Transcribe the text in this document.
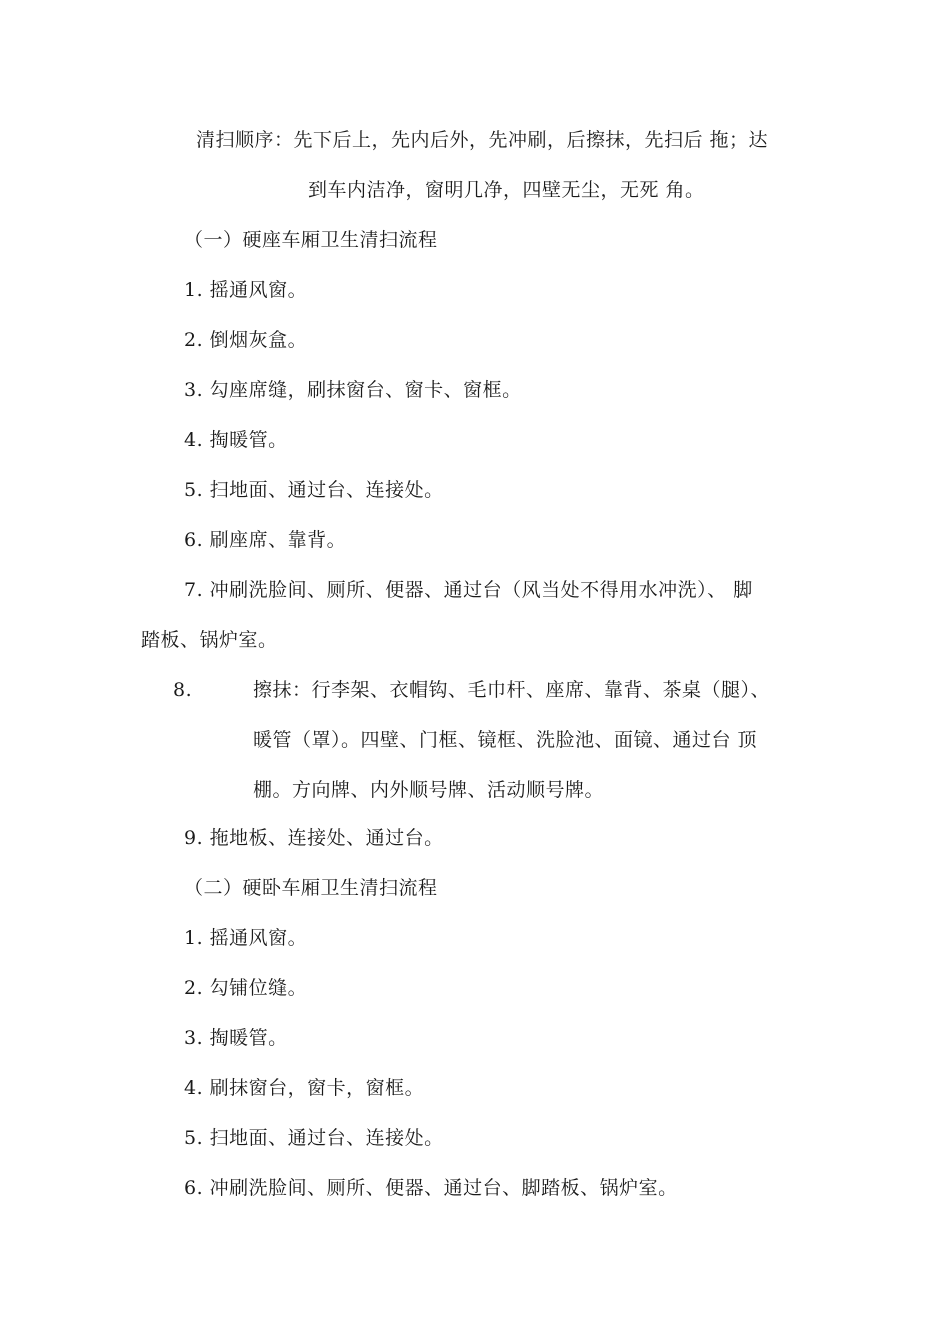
清扫顺序：先下后上，先内后外，先冲刷，后擦抹，先扫后 拖；达
到车内洁净，窗明几净，四壁无尘，无死 角。
（一）硬座车厢卫生清扫流程
1. 摇通风窗。
2. 倒烟灰盒。
3. 勾座席缝，刷抹窗台、窗卡、窗框。
4. 掏暖管。
5. 扫地面、通过台、连接处。
6. 刷座席、靠背。
7. 冲刷洗脸间、厕所、便器、通过台（风当处不得用水冲洗）、 脚
踏板、锅炉室。
8.	擦抹：行李架、衣帽钩、毛巾杆、座席、靠背、茶桌（腿）、
暖管（罩）。四壁、门框、镜框、洗脸池、面镜、通过台 顶
棚。方向牌、内外顺号牌、活动顺号牌。
9. 拖地板、连接处、通过台。
（二）硬卧车厢卫生清扫流程
1. 摇通风窗。
2. 勾铺位缝。
3. 掏暖管。
4. 刷抹窗台，窗卡，窗框。
5. 扫地面、通过台、连接处。
6. 冲刷洗脸间、厕所、便器、通过台、脚踏板、锅炉室。
